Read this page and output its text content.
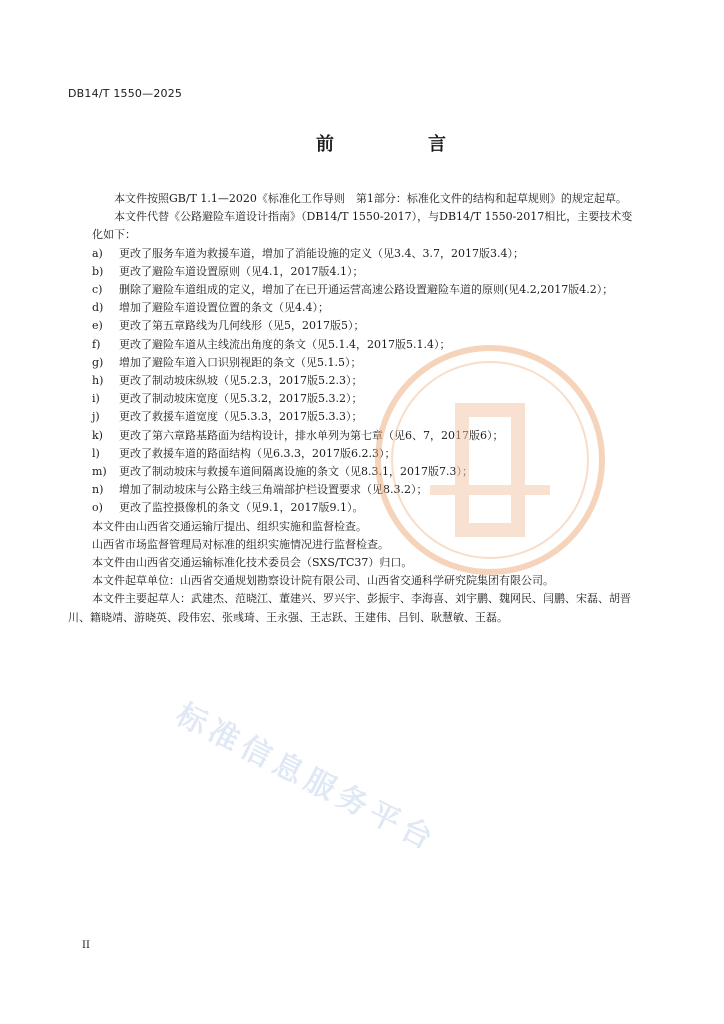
DB14/T 1550—2025
前　言

本文件按照GB/T 1.1—2020《标准化工作导则　第1部分：标准化文件的结构和起草规则》的规定起草。

本文件代替《公路避险车道设计指南》（DB14/T 1550-2017），与DB14/T 1550-2017相比，主要技术变化如下：

a)	更改了服务车道为救援车道，增加了消能设施的定义（见3.4、3.7，2017版3.4）；

b)	更改了避险车道设置原则（见4.1，2017版4.1）；

c)	删除了避险车道组成的定义，增加了在已开通运营高速公路设置避险车道的原则(见4.2,2017版4.2）；

d)	增加了避险车道设置位置的条文（见4.4）；

e)	更改了第五章路线为几何线形（见5，2017版5）；

f)	更改了避险车道从主线流出角度的条文（见5.1.4，2017版5.1.4）；

g)	增加了避险车道入口识别视距的条文（见5.1.5）；

h)	更改了制动坡床纵坡（见5.2.3，2017版5.2.3）；

i)	更改了制动坡床宽度（见5.3.2，2017版5.3.2）；

j)	更改了救援车道宽度（见5.3.3，2017版5.3.3）；

k)	更改了第六章路基路面为结构设计，排水单列为第七章（见6、7，2017版6）；

l)	更改了救援车道的路面结构（见6.3.3，2017版6.2.3）；

m)	更改了制动坡床与救援车道间隔离设施的条文（见8.3.1，2017版7.3）；

n)	增加了制动坡床与公路主线三角端部护栏设置要求（见8.3.2）；

o)	更改了监控摄像机的条文（见9.1，2017版9.1）。

本文件由山西省交通运输厅提出、组织实施和监督检查。

山西省市场监督管理局对标准的组织实施情况进行监督检查。

本文件由山西省交通运输标准化技术委员会（SXS/TC37）归口。

本文件起草单位：山西省交通规划勘察设计院有限公司、山西省交通科学研究院集团有限公司。

本文件主要起草人：武建杰、范晓江、董建兴、罗兴宇、彭振宇、李海喜、刘宇鹏、魏网民、闫鹏、宋磊、胡晋川、籍晓靖、游晓英、段伟宏、张彧琦、王永强、王志跃、王建伟、吕钊、耿慧敏、王磊。

标准信息服务平台
II
